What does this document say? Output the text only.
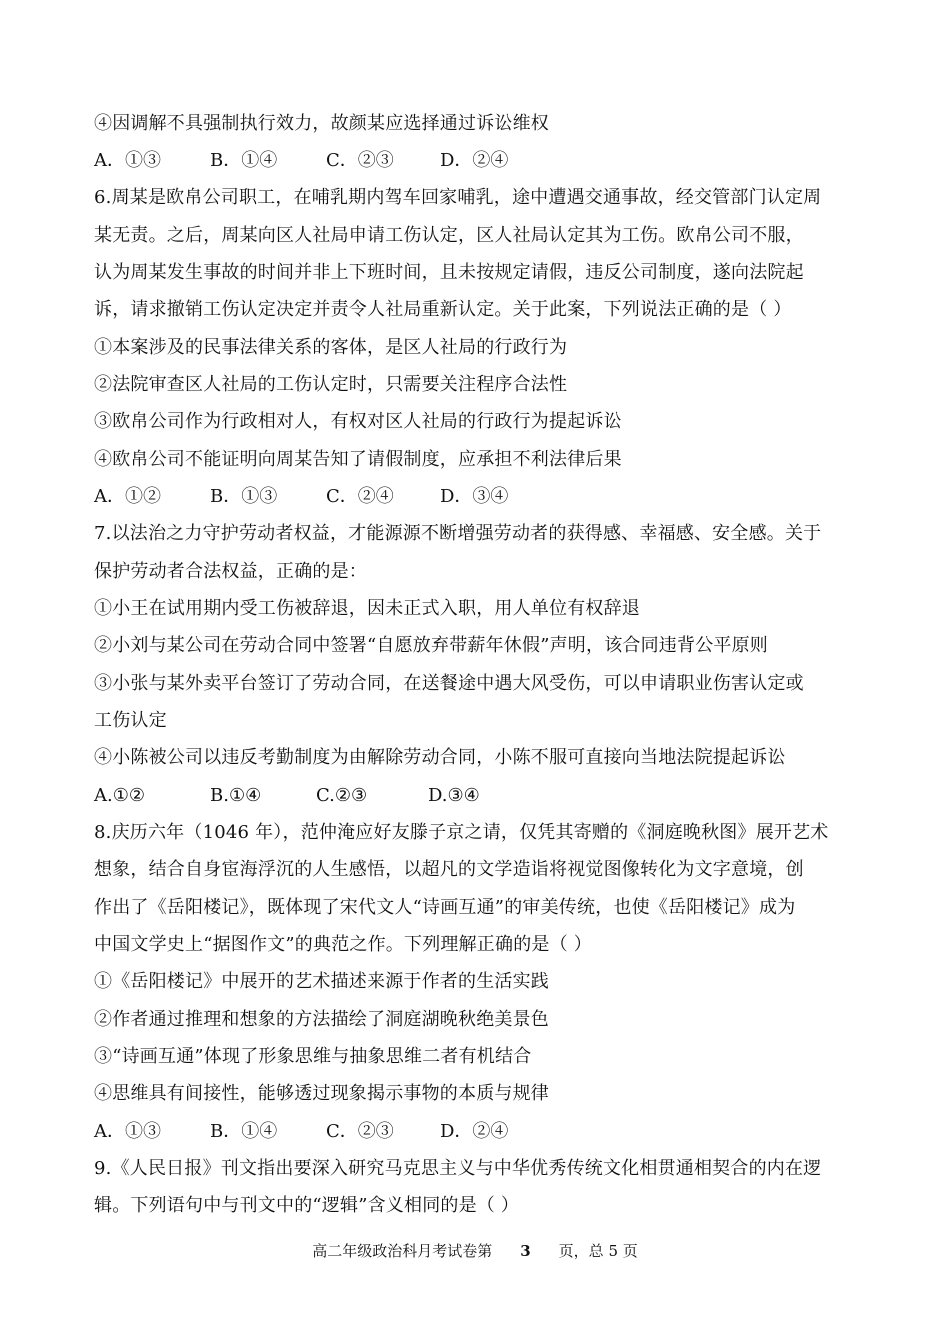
④因调解不具强制执行效力，故颜某应选择通过诉讼维权
A．①③	B．①④	C．②③	D．②④
6.周某是欧帛公司职工，在哺乳期内驾车回家哺乳，途中遭遇交通事故，经交管部门认定周
某无责。之后，周某向区人社局申请工伤认定，区人社局认定其为工伤。欧帛公司不服，
认为周某发生事故的时间并非上下班时间，且未按规定请假，违反公司制度，遂向法院起
诉，请求撤销工伤认定决定并责令人社局重新认定。关于此案，下列说法正确的是（ ）
①本案涉及的民事法律关系的客体，是区人社局的行政行为
②法院审查区人社局的工伤认定时，只需要关注程序合法性
③欧帛公司作为行政相对人，有权对区人社局的行政行为提起诉讼
④欧帛公司不能证明向周某告知了请假制度，应承担不利法律后果
A．①②	B．①③	C．②④	D．③④
7.以法治之力守护劳动者权益，才能源源不断增强劳动者的获得感、幸福感、安全感。关于
保护劳动者合法权益，正确的是：
①小王在试用期内受工伤被辞退，因未正式入职，用人单位有权辞退
②小刘与某公司在劳动合同中签署“自愿放弃带薪年休假”声明，该合同违背公平原则
③小张与某外卖平台签订了劳动合同，在送餐途中遇大风受伤，可以申请职业伤害认定或
工伤认定
④小陈被公司以违反考勤制度为由解除劳动合同，小陈不服可直接向当地法院提起诉讼
A.①②	B.①④	C.②③	D.③④
8.庆历六年（1046 年），范仲淹应好友滕子京之请，仅凭其寄赠的《洞庭晚秋图》展开艺术
想象，结合自身宦海浮沉的人生感悟，以超凡的文学造诣将视觉图像转化为文字意境，创
作出了《岳阳楼记》，既体现了宋代文人“诗画互通”的审美传统，也使《岳阳楼记》成为
中国文学史上“据图作文”的典范之作。下列理解正确的是（ ）
①《岳阳楼记》中展开的艺术描述来源于作者的生活实践
②作者通过推理和想象的方法描绘了洞庭湖晚秋绝美景色
③“诗画互通”体现了形象思维与抽象思维二者有机结合
④思维具有间接性，能够透过现象揭示事物的本质与规律
A．①③	B．①④	C．②③	D．②④
9.《人民日报》刊文指出要深入研究马克思主义与中华优秀传统文化相贯通相契合的内在逻
辑。下列语句中与刊文中的“逻辑”含义相同的是（ ）
高二年级政治科月考试卷第 3 页，总 5 页
